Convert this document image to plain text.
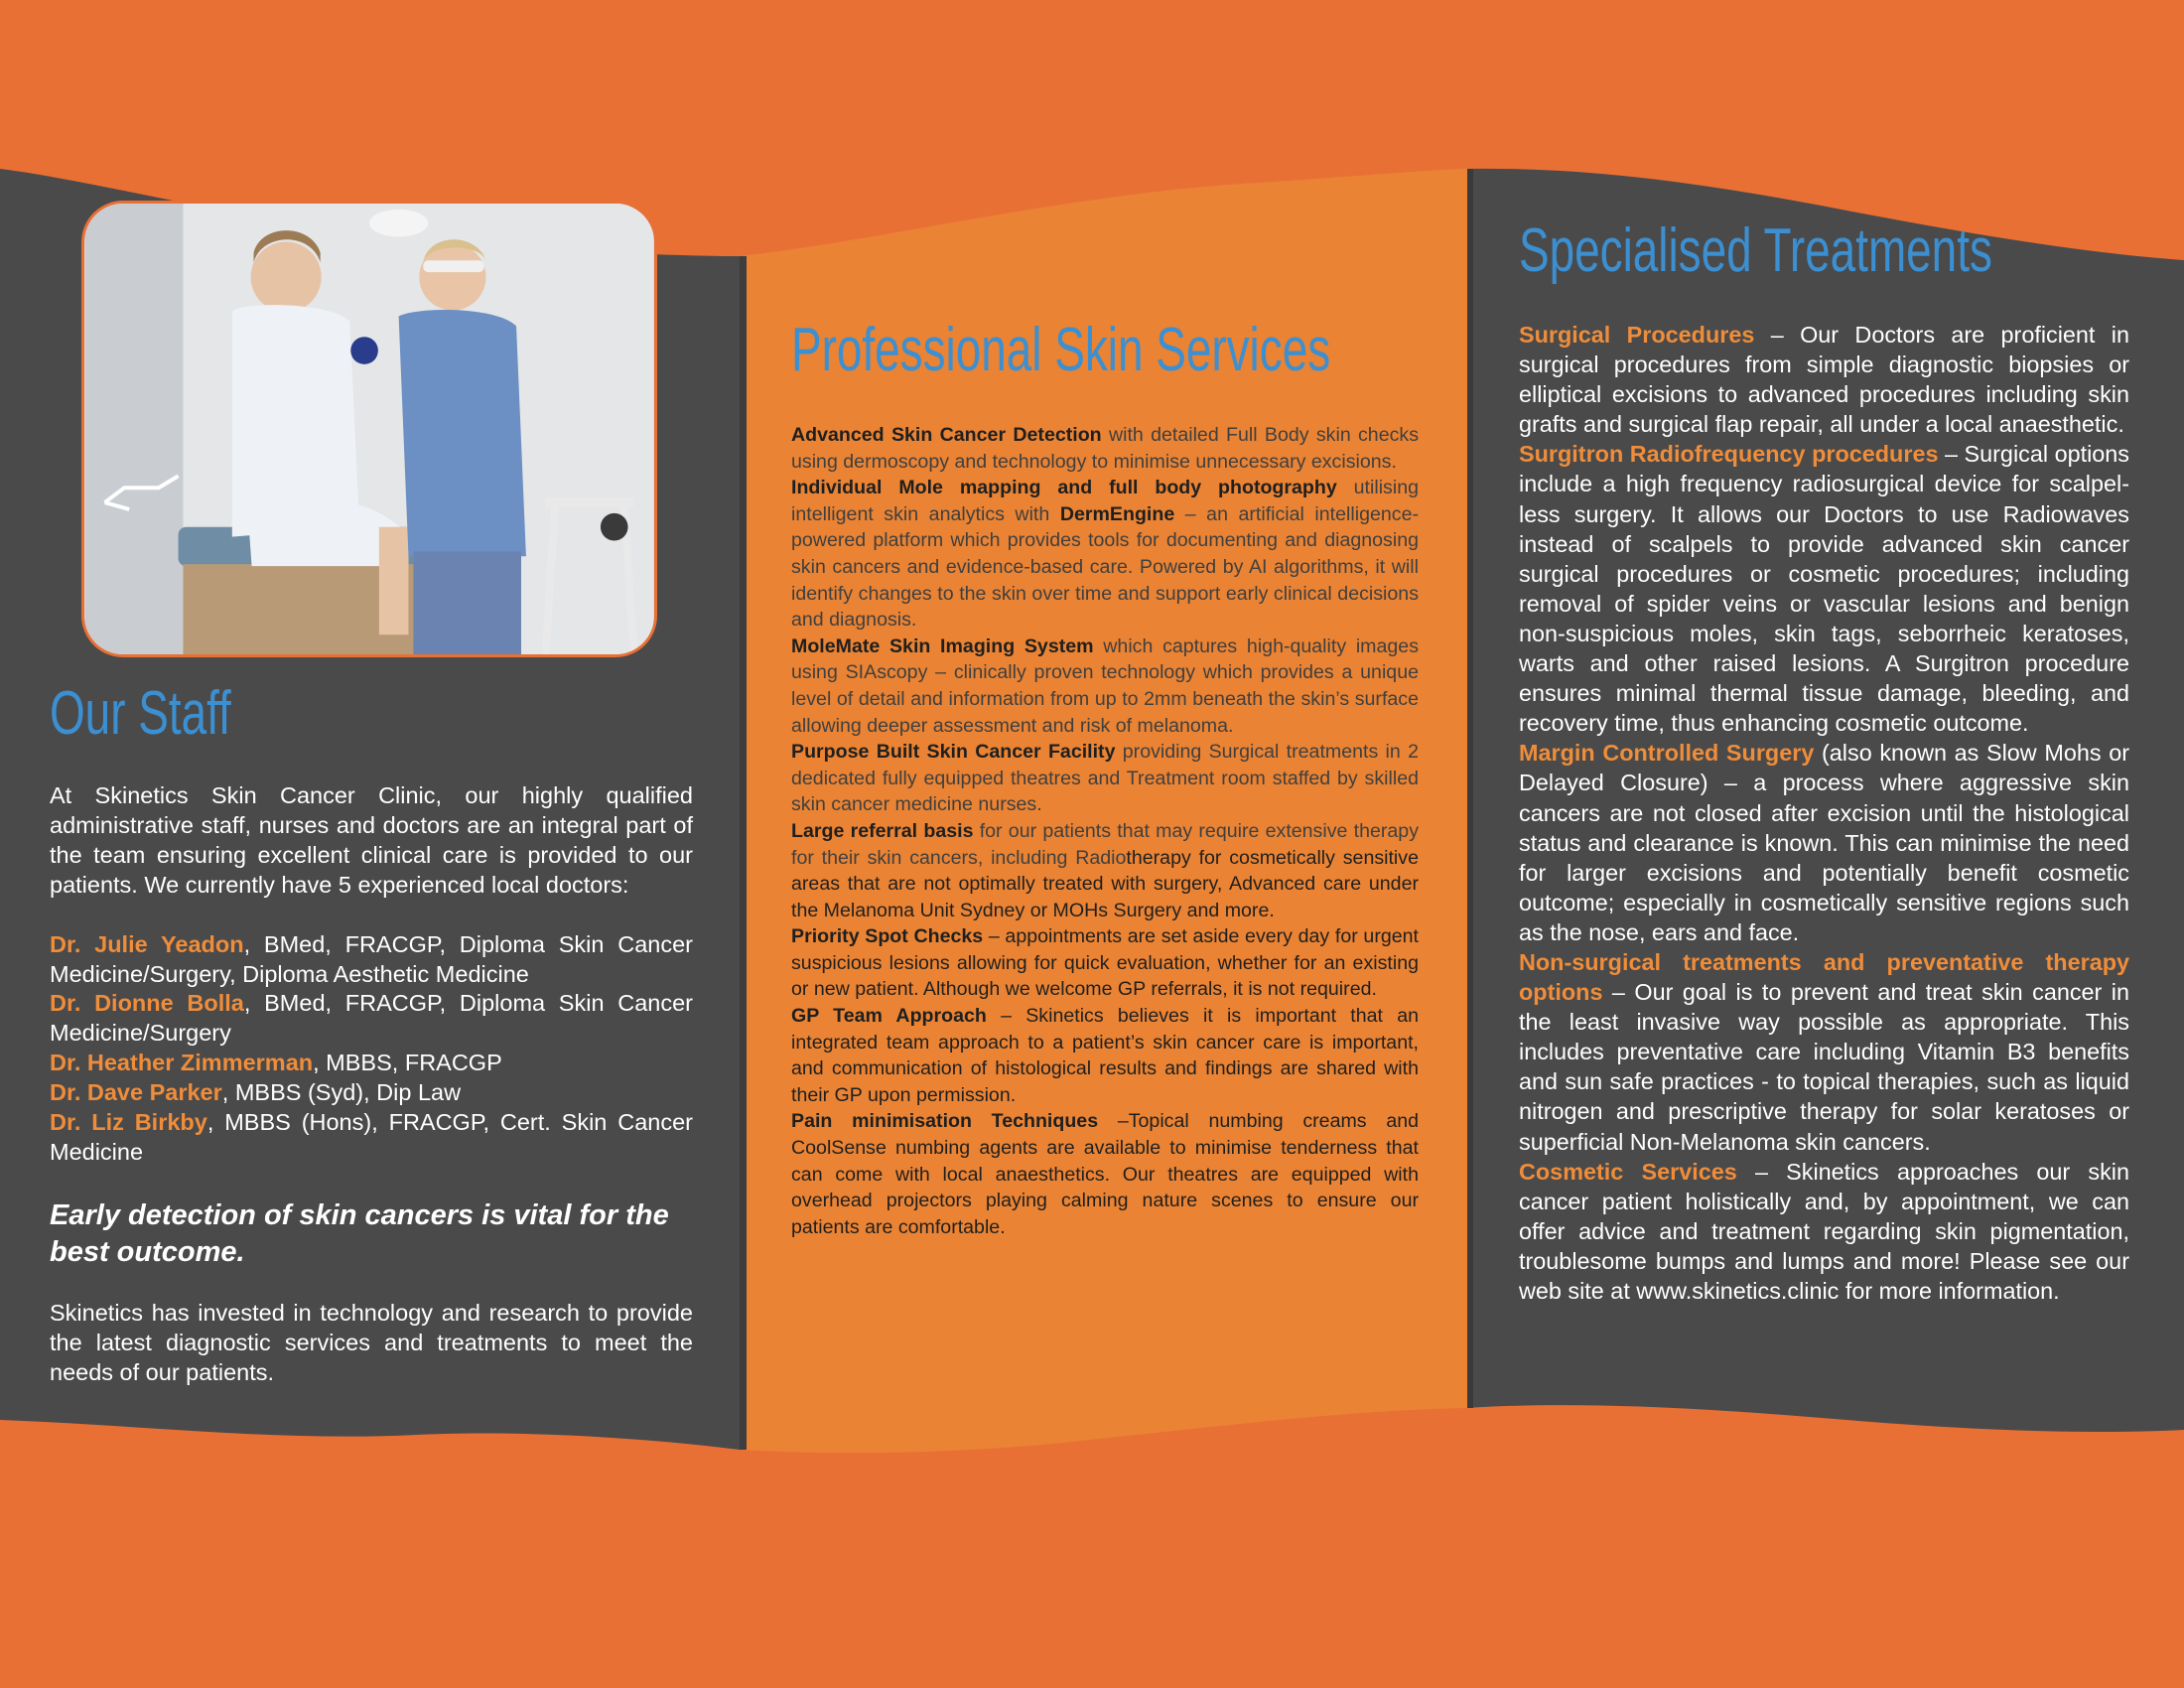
Our Staff

At Skinetics Skin Cancer Clinic, our highly qualified administrative staff, nurses and doctors are an integral part of the team ensuring excellent clinical care is provided to our patients. We currently have 5 experienced local doctors:

Dr. Julie Yeadon, BMed, FRACGP, Diploma Skin Cancer Medicine/Surgery, Diploma Aesthetic Medicine
Dr. Dionne Bolla, BMed, FRACGP, Diploma Skin Cancer Medicine/Surgery
Dr. Heather Zimmerman, MBBS, FRACGP
Dr. Dave Parker, MBBS (Syd), Dip Law
Dr. Liz Birkby, MBBS (Hons), FRACGP, Cert. Skin Cancer Medicine

Early detection of skin cancers is vital for the best outcome.

Skinetics has invested in technology and research to provide the latest diagnostic services and treatments to meet the needs of our patients.

Professional Skin Services

Advanced Skin Cancer Detection with detailed Full Body skin checks using dermoscopy and technology to minimise unnecessary excisions.

Individual Mole mapping and full body photography utilising intelligent skin analytics with DermEngine – an artificial intelligence-powered platform which provides tools for documenting and diagnosing skin cancers and evidence-based care. Powered by AI algorithms, it will identify changes to the skin over time and support early clinical decisions and diagnosis.

MoleMate Skin Imaging System which captures high-quality images using SIAscopy – clinically proven technology which provides a unique level of detail and information from up to 2mm beneath the skin’s surface allowing deeper assessment and risk of melanoma.

Purpose Built Skin Cancer Facility providing Surgical treatments in 2 dedicated fully equipped theatres and Treatment room staffed by skilled skin cancer medicine nurses.

Large referral basis for our patients that may require extensive therapy for their skin cancers, including Radiotherapy for cosmetically sensitive areas that are not optimally treated with surgery, Advanced care under the Melanoma Unit Sydney or MOHs Surgery and more.

Priority Spot Checks – appointments are set aside every day for urgent suspicious lesions allowing for quick evaluation, whether for an existing or new patient. Although we welcome GP referrals, it is not required.

GP Team Approach – Skinetics believes it is important that an integrated team approach to a patient’s skin cancer care is important, and communication of histological results and findings are shared with their GP upon permission.

Pain minimisation Techniques –Topical numbing creams and CoolSense numbing agents are available to minimise tenderness that can come with local anaesthetics. Our theatres are equipped with overhead projectors playing calming nature scenes to ensure our patients are comfortable.

Specialised Treatments

Surgical Procedures – Our Doctors are proficient in surgical procedures from simple diagnostic biopsies or elliptical excisions to advanced procedures including skin grafts and surgical flap repair, all under a local anaesthetic.

Surgitron Radiofrequency procedures – Surgical options include a high frequency radiosurgical device for scalpel-less surgery. It allows our Doctors to use Radiowaves instead of scalpels to provide advanced skin cancer surgical procedures or cosmetic procedures; including removal of spider veins or vascular lesions and benign non-suspicious moles, skin tags, seborrheic keratoses, warts and other raised lesions. A Surgitron procedure ensures minimal thermal tissue damage, bleeding, and recovery time, thus enhancing cosmetic outcome.

Margin Controlled Surgery (also known as Slow Mohs or Delayed Closure) – a process where aggressive skin cancers are not closed after excision until the histological status and clearance is known. This can minimise the need for larger excisions and potentially benefit cosmetic outcome; especially in cosmetically sensitive regions such as the nose, ears and face.

Non-surgical treatments and preventative therapy options – Our goal is to prevent and treat skin cancer in the least invasive way possible as appropriate. This includes preventative care including Vitamin B3 benefits and sun safe practices - to topical therapies, such as liquid nitrogen and prescriptive therapy for solar keratoses or superficial Non-Melanoma skin cancers.

Cosmetic Services – Skinetics approaches our skin cancer patient holistically and, by appointment, we can offer advice and treatment regarding skin pigmentation, troublesome bumps and lumps and more! Please see our web site at www.skinetics.clinic for more information.
